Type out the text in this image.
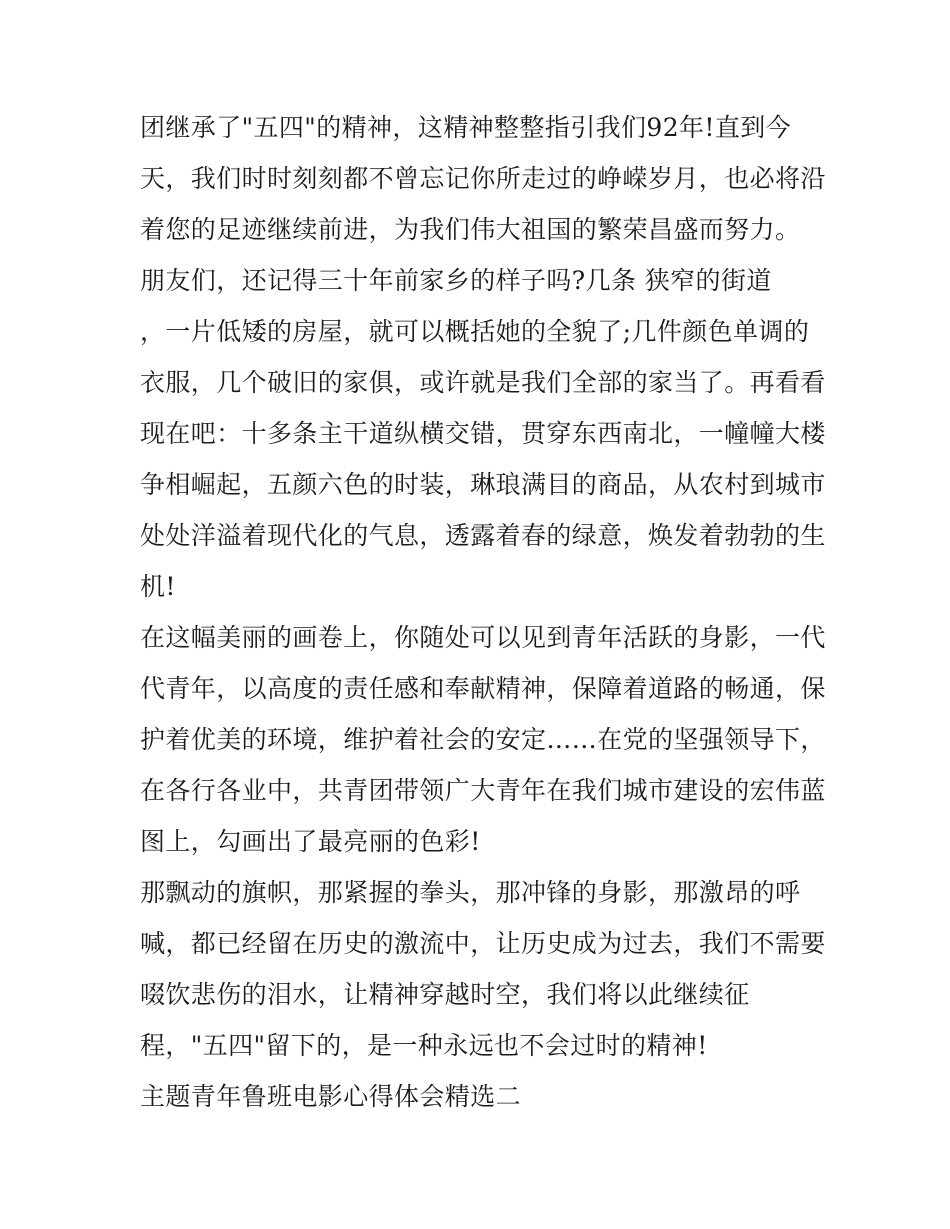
团继承了"五四"的精神，这精神整整指引我们92年!直到今
天，我们时时刻刻都不曾忘记你所走过的峥嵘岁月，也必将沿
着您的足迹继续前进，为我们伟大祖国的繁荣昌盛而努力。
朋友们，还记得三十年前家乡的样子吗?几条 狭窄的街道
，一片低矮的房屋，就可以概括她的全貌了;几件颜色单调的
衣服，几个破旧的家俱，或许就是我们全部的家当了。再看看
现在吧：十多条主干道纵横交错，贯穿东西南北，一幢幢大楼
争相崛起，五颜六色的时装，琳琅满目的商品，从农村到城市
处处洋溢着现代化的气息，透露着春的绿意，焕发着勃勃的生
机!
在这幅美丽的画卷上，你随处可以见到青年活跃的身影，一代
代青年，以高度的责任感和奉献精神，保障着道路的畅通，保
护着优美的环境，维护着社会的安定……在党的坚强领导下，
在各行各业中，共青团带领广大青年在我们城市建设的宏伟蓝
图上，勾画出了最亮丽的色彩!
那飘动的旗帜，那紧握的拳头，那冲锋的身影，那激昂的呼
喊，都已经留在历史的激流中，让历史成为过去，我们不需要
啜饮悲伤的泪水，让精神穿越时空，我们将以此继续征
程，"五四"留下的，是一种永远也不会过时的精神!
主题青年鲁班电影心得体会精选二
